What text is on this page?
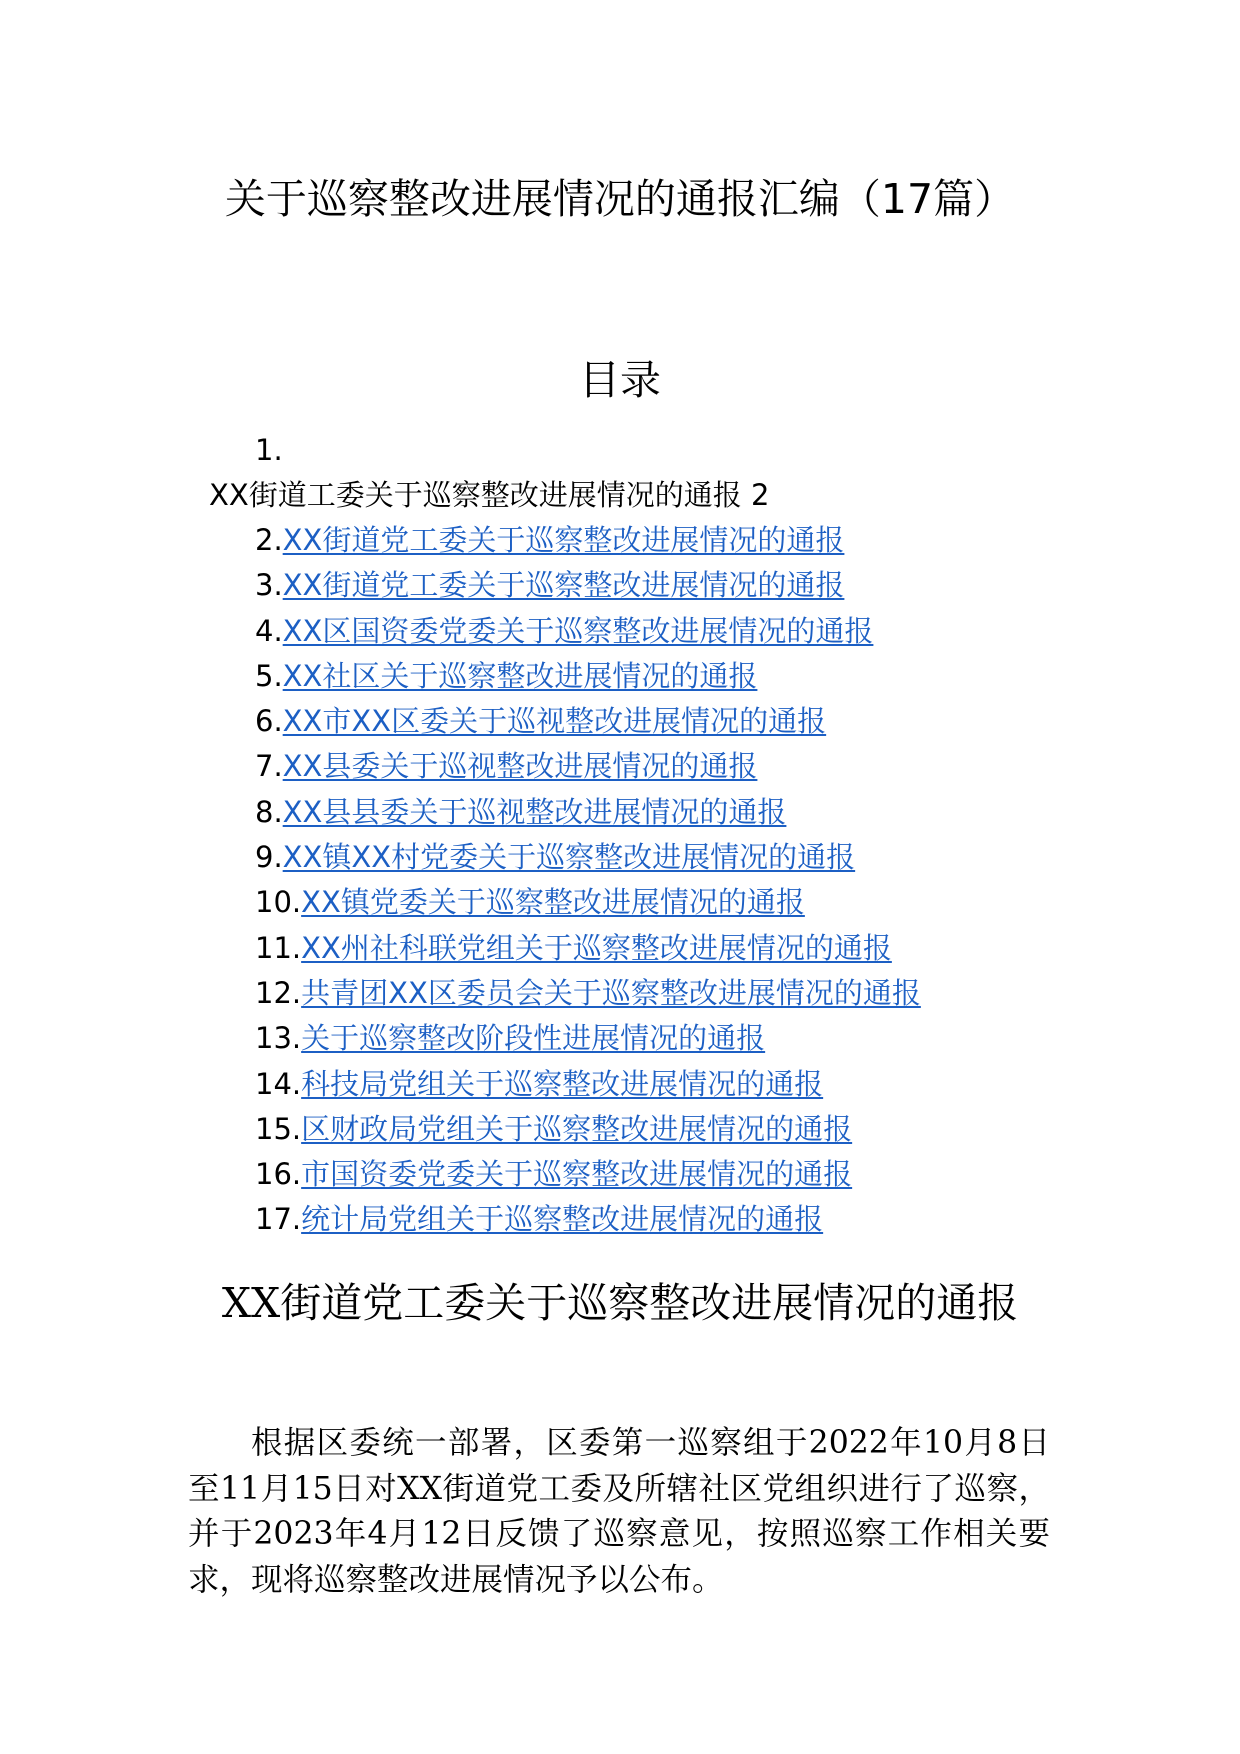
关于巡察整改进展情况的通报汇编（17篇）
目录
1.
XX街道工委关于巡察整改进展情况的通报 2
2.XX街道党工委关于巡察整改进展情况的通报
3.XX街道党工委关于巡察整改进展情况的通报
4.XX区国资委党委关于巡察整改进展情况的通报
5.XX社区关于巡察整改进展情况的通报
6.XX市XX区委关于巡视整改进展情况的通报
7.XX县委关于巡视整改进展情况的通报
8.XX县县委关于巡视整改进展情况的通报
9.XX镇XX村党委关于巡察整改进展情况的通报
10.XX镇党委关于巡察整改进展情况的通报
11.XX州社科联党组关于巡察整改进展情况的通报
12.共青团XX区委员会关于巡察整改进展情况的通报
13.关于巡察整改阶段性进展情况的通报
14.科技局党组关于巡察整改进展情况的通报
15.区财政局党组关于巡察整改进展情况的通报
16.市国资委党委关于巡察整改进展情况的通报
17.统计局党组关于巡察整改进展情况的通报
XX街道党工委关于巡察整改进展情况的通报

根据区委统一部署，区委第一巡察组于2022年10月8日至11月15日对XX街道党工委及所辖社区党组织进行了巡察，并于2023年4月12日反馈了巡察意见，按照巡察工作相关要求，现将巡察整改进展情况予以公布。
